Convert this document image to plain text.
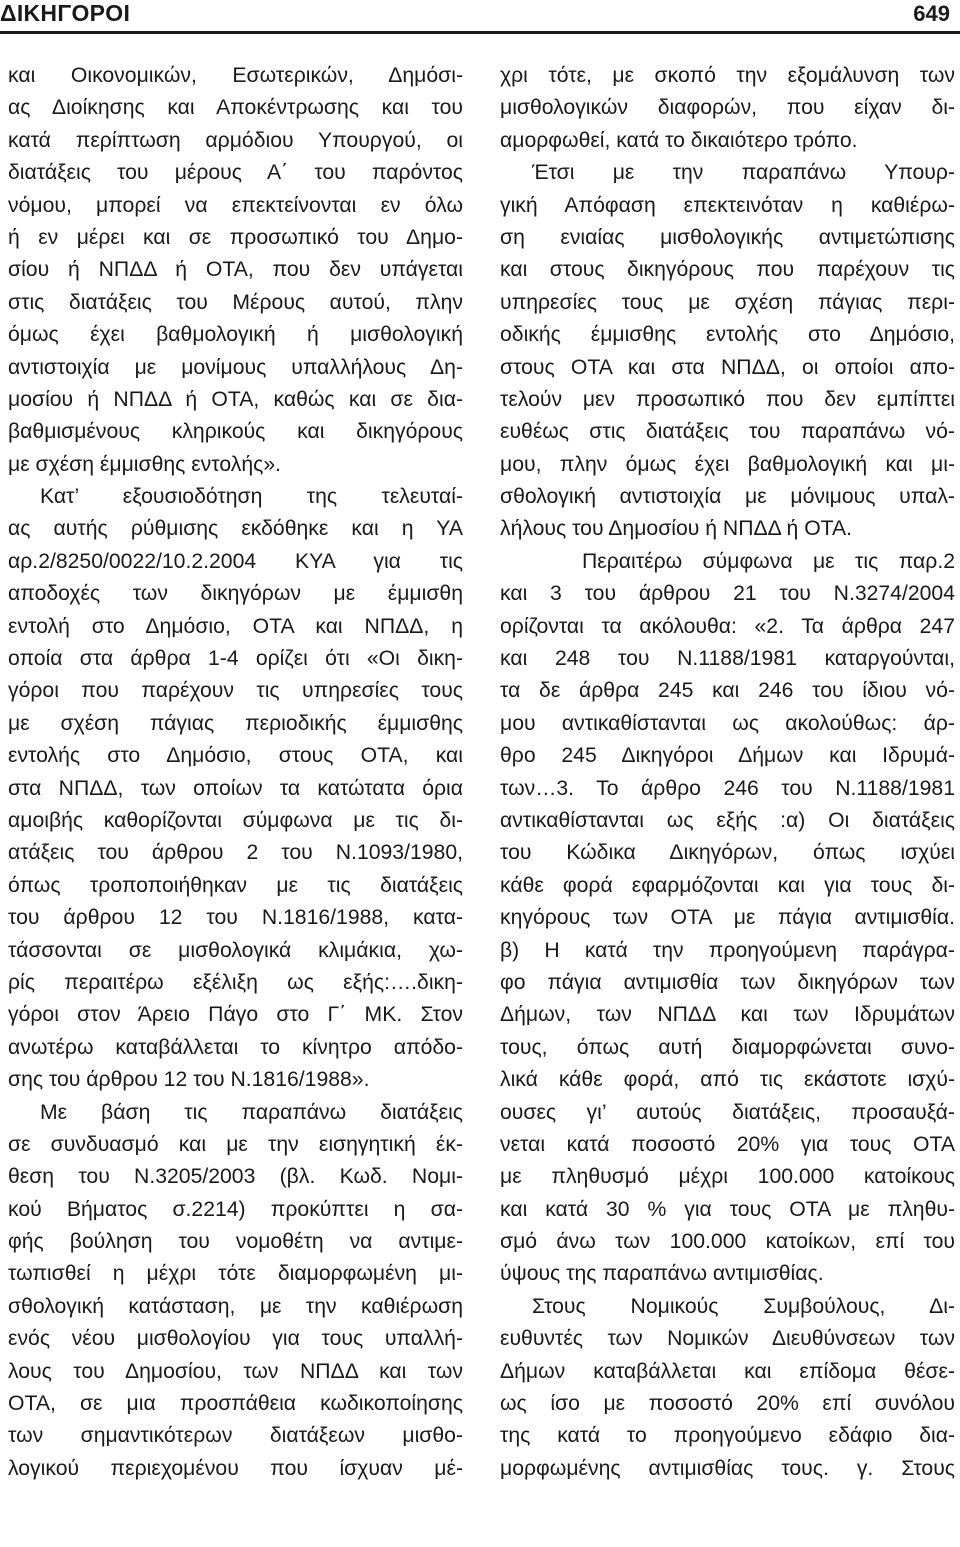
ΔΙΚΗΓΟΡΟΙ	649
και Οικονομικών, Εσωτερικών, Δημόσι-
ας Διοίκησης και Αποκέντρωσης και του
κατά περίπτωση αρμόδιου Υπουργού, οι
διατάξεις του μέρους Α΄ του παρόντος
νόμου, μπορεί να επεκτείνονται εν όλω
ή εν μέρει και σε προσωπικό του Δημο-
σίου ή ΝΠΔΔ ή ΟΤΑ, που δεν υπάγεται
στις διατάξεις του Μέρους αυτού, πλην
όμως έχει βαθμολογική ή μισθολογική
αντιστοιχία με μονίμους υπαλλήλους Δη-
μοσίου ή ΝΠΔΔ ή ΟΤΑ, καθώς και σε δια-
βαθμισμένους κληρικούς και δικηγόρους
με σχέση έμμισθης εντολής».
Κατ’ εξουσιοδότηση της τελευταί-
ας αυτής ρύθμισης εκδόθηκε και η ΥΑ
αρ.2/8250/0022/10.2.2004 ΚΥΑ για τις
αποδοχές των δικηγόρων με έμμισθη
εντολή στο Δημόσιο, ΟΤΑ και ΝΠΔΔ, η
οποία στα άρθρα 1-4 ορίζει ότι «Οι δικη-
γόροι που παρέχουν τις υπηρεσίες τους
με σχέση πάγιας περιοδικής έμμισθης
εντολής στο Δημόσιο, στους ΟΤΑ, και
στα ΝΠΔΔ, των οποίων τα κατώτατα όρια
αμοιβής καθορίζονται σύμφωνα με τις δι-
ατάξεις του άρθρου 2 του Ν.1093/1980,
όπως τροποποιήθηκαν με τις διατάξεις
του άρθρου 12 του Ν.1816/1988, κατα-
τάσσονται σε μισθολογικά κλιμάκια, χω-
ρίς περαιτέρω εξέλιξη ως εξής:….δικη-
γόροι στον Άρειο Πάγο στο Γ΄ ΜΚ. Στον
ανωτέρω καταβάλλεται το κίνητρο απόδο-
σης του άρθρου 12 του Ν.1816/1988».
Με βάση τις παραπάνω διατάξεις
σε συνδυασμό και με την εισηγητική έκ-
θεση του Ν.3205/2003 (βλ. Κωδ. Νομι-
κού Βήματος σ.2214) προκύπτει η σα-
φής βούληση του νομοθέτη να αντιμε-
τωπισθεί η μέχρι τότε διαμορφωμένη μι-
σθολογική κατάσταση, με την καθιέρωση
ενός νέου μισθολογίου για τους υπαλλή-
λους του Δημοσίου, των ΝΠΔΔ και των
ΟΤΑ, σε μια προσπάθεια κωδικοποίησης
των σημαντικότερων διατάξεων μισθο-
λογικού περιεχομένου που ίσχυαν μέ-
χρι τότε, με σκοπό την εξομάλυνση των
μισθολογικών διαφορών, που είχαν δι-
αμορφωθεί, κατά το δικαιότερο τρόπο.
Έτσι με την παραπάνω Υπουρ-
γική Απόφαση επεκτεινόταν η καθιέρω-
ση ενιαίας μισθολογικής αντιμετώπισης
και στους δικηγόρους που παρέχουν τις
υπηρεσίες τους με σχέση πάγιας περι-
οδικής έμμισθης εντολής στο Δημόσιο,
στους ΟΤΑ και στα ΝΠΔΔ, οι οποίοι απο-
τελούν μεν προσωπικό που δεν εμπίπτει
ευθέως στις διατάξεις του παραπάνω νό-
μου, πλην όμως έχει βαθμολογική και μι-
σθολογική αντιστοιχία με μόνιμους υπαλ-
λήλους του Δημοσίου ή ΝΠΔΔ ή ΟΤΑ.
Περαιτέρω σύμφωνα με τις παρ.2
και 3 του άρθρου 21 του Ν.3274/2004
ορίζονται τα ακόλουθα: «2. Τα άρθρα 247
και 248 του Ν.1188/1981 καταργούνται,
τα δε άρθρα 245 και 246 του ίδιου νό-
μου αντικαθίστανται ως ακολούθως: άρ-
θρο 245 Δικηγόροι Δήμων και Ιδρυμά-
των…3. Το άρθρο 246 του Ν.1188/1981
αντικαθίστανται ως εξής :α) Οι διατάξεις
του Κώδικα Δικηγόρων, όπως ισχύει
κάθε φορά εφαρμόζονται και για τους δι-
κηγόρους των ΟΤΑ με πάγια αντιμισθία.
β) Η κατά την προηγούμενη παράγρα-
φο πάγια αντιμισθία των δικηγόρων των
Δήμων, των ΝΠΔΔ και των Ιδρυμάτων
τους, όπως αυτή διαμορφώνεται συνο-
λικά κάθε φορά, από τις εκάστοτε ισχύ-
ουσες γι’ αυτούς διατάξεις, προσαυξά-
νεται κατά ποσοστό 20% για τους ΟΤΑ
με πληθυσμό μέχρι 100.000 κατοίκους
και κατά 30 % για τους ΟΤΑ με πληθυ-
σμό άνω των 100.000 κατοίκων, επί του
ύψους της παραπάνω αντιμισθίας.
Στους Νομικούς Συμβούλους, Δι-
ευθυντές των Νομικών Διευθύνσεων των
Δήμων καταβάλλεται και επίδομα θέσε-
ως ίσο με ποσοστό 20% επί συνόλου
της κατά το προηγούμενο εδάφιο δια-
μορφωμένης αντιμισθίας τους. γ. Στους
